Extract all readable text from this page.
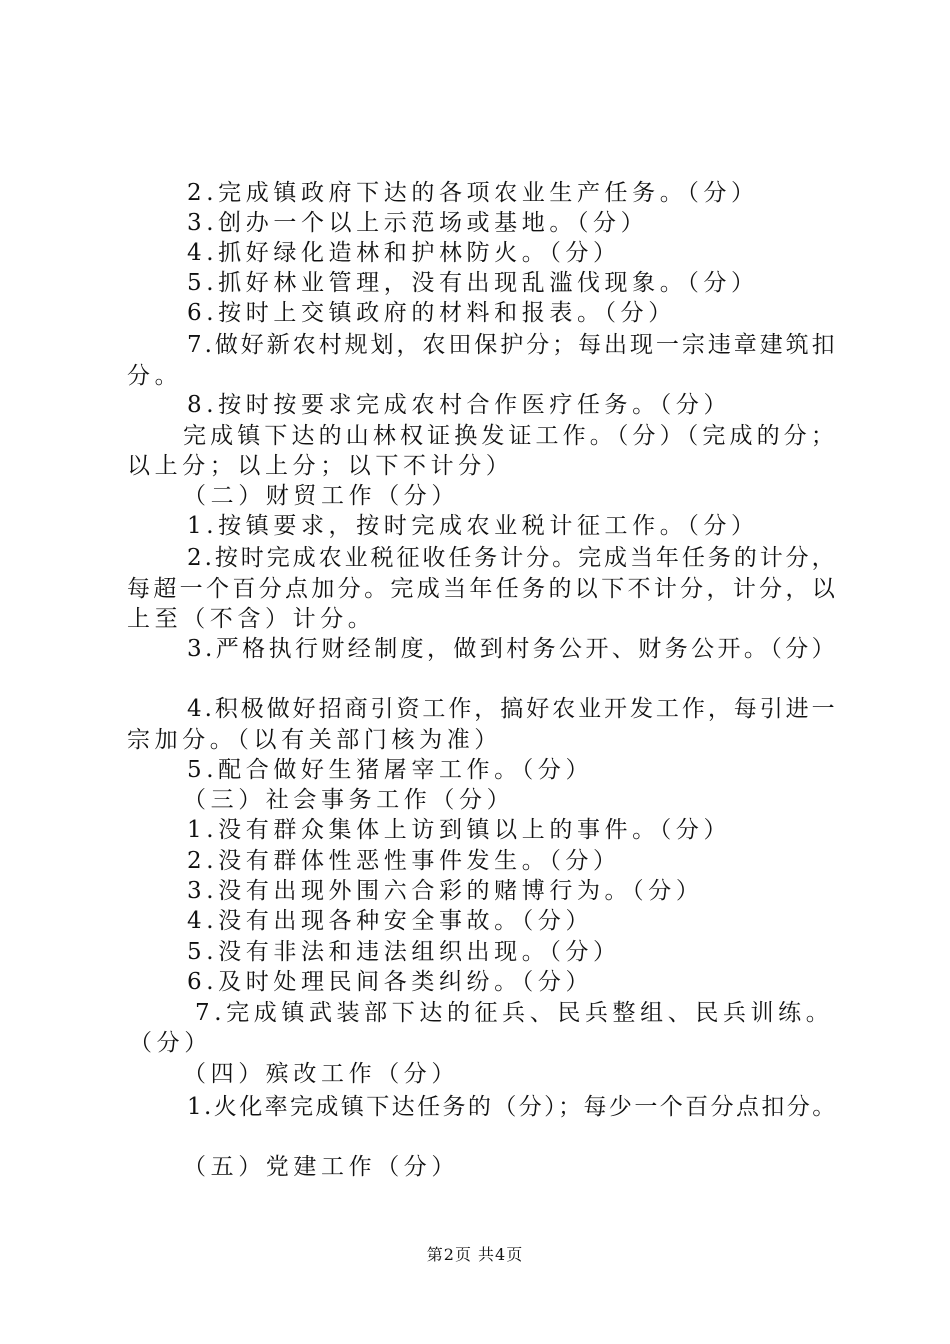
2.完成镇政府下达的各项农业生产任务。（分）
3.创办一个以上示范场或基地。（分）
4.抓好绿化造林和护林防火。（分）
5.抓好林业管理，没有出现乱滥伐现象。（分）
6.按时上交镇政府的材料和报表。（分）
7.做好新农村规划，农田保护分；每出现一宗违章建筑扣
分。
8.按时按要求完成农村合作医疗任务。（分）
完成镇下达的山林权证换发证工作。（分）（完成的分；
以上分；以上分；以下不计分）
（二）财贸工作（分）
1.按镇要求，按时完成农业税计征工作。（分）
2.按时完成农业税征收任务计分。完成当年任务的计分，
每超一个百分点加分。完成当年任务的以下不计分，计分，以
上至（不含）计分。
3.严格执行财经制度，做到村务公开、财务公开。（分）
4.积极做好招商引资工作，搞好农业开发工作，每引进一
宗加分。（以有关部门核为准）
5.配合做好生猪屠宰工作。（分）
（三）社会事务工作（分）
1.没有群众集体上访到镇以上的事件。（分）
2.没有群体性恶性事件发生。（分）
3.没有出现外围六合彩的赌博行为。（分）
4.没有出现各种安全事故。（分）
5.没有非法和违法组织出现。（分）
6.及时处理民间各类纠纷。（分）
7.完成镇武装部下达的征兵、民兵整组、民兵训练。
（分）
（四）殡改工作（分）
1.火化率完成镇下达任务的（分）；每少一个百分点扣分。
（五）党建工作（分）
第2页 共4页
